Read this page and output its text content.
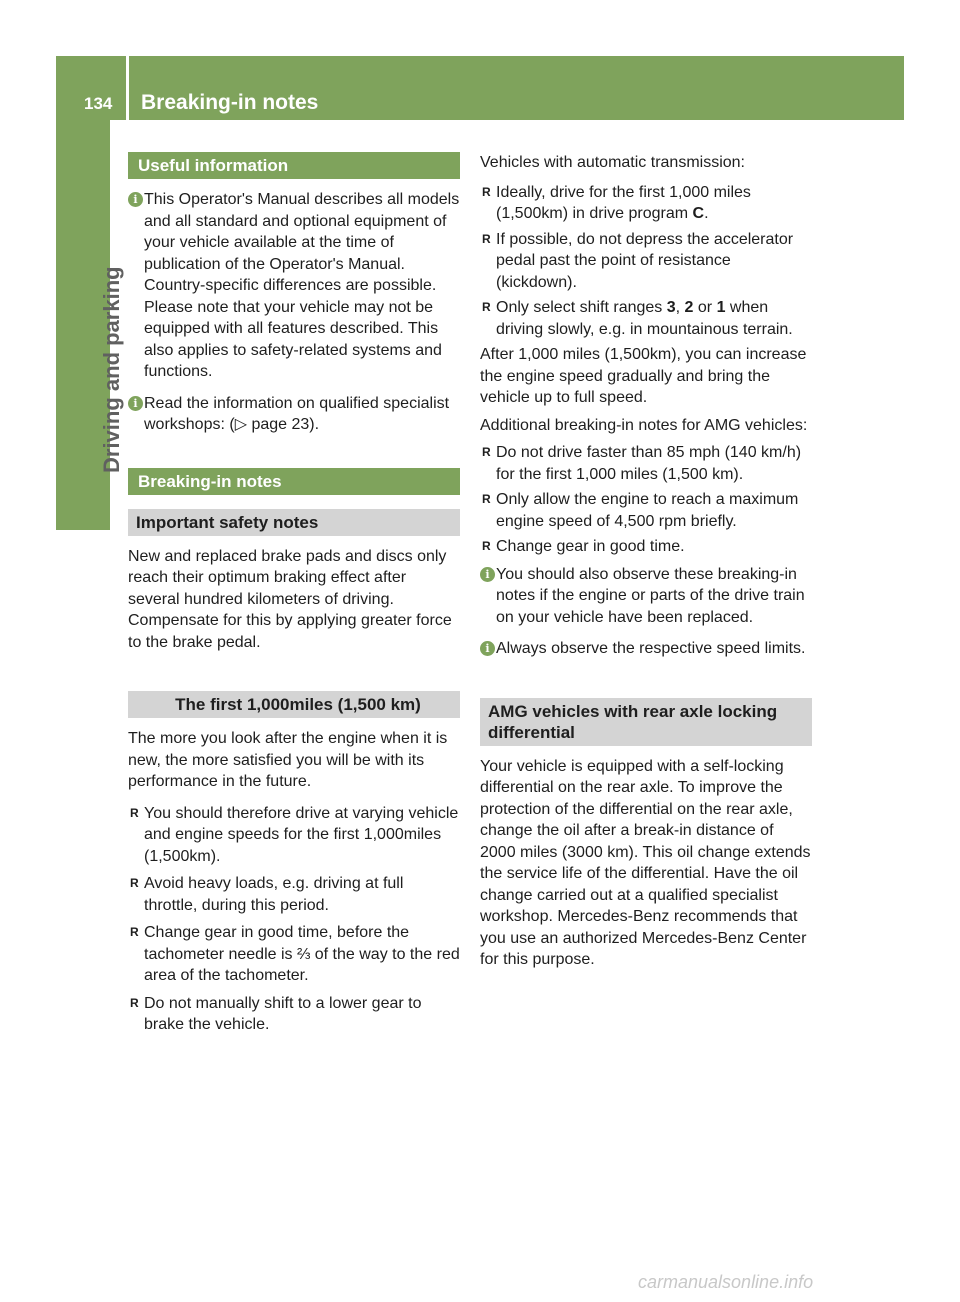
134 Breaking-in notes
Driving and parking
Useful information
i This Operator's Manual describes all models and all standard and optional equipment of your vehicle available at the time of publication of the Operator's Manual. Country-specific differences are possible. Please note that your vehicle may not be equipped with all features described. This also applies to safety-related systems and functions.
i Read the information on qualified specialist workshops: (▷ page 23).
Breaking-in notes
Important safety notes

New and replaced brake pads and discs only reach their optimum braking effect after several hundred kilometers of driving. Compensate for this by applying greater force to the brake pedal.

The first 1,000miles (1,500 km)

The more you look after the engine when it is new, the more satisfied you will be with its performance in the future.

R You should therefore drive at varying vehicle and engine speeds for the first 1,000miles (1,500km).
R Avoid heavy loads, e.g. driving at full throttle, during this period.
R Change gear in good time, before the tachometer needle is ⅔ of the way to the red area of the tachometer.
R Do not manually shift to a lower gear to brake the vehicle.

Vehicles with automatic transmission:

R Ideally, drive for the first 1,000 miles (1,500km) in drive program C.
R If possible, do not depress the accelerator pedal past the point of resistance (kickdown).
R Only select shift ranges 3, 2 or 1 when driving slowly, e.g. in mountainous terrain.

After 1,000 miles (1,500km), you can increase the engine speed gradually and bring the vehicle up to full speed.

Additional breaking-in notes for AMG vehicles:

R Do not drive faster than 85 mph (140 km/h) for the first 1,000 miles (1,500 km).
R Only allow the engine to reach a maximum engine speed of 4,500 rpm briefly.
R Change gear in good time.
i You should also observe these breaking-in notes if the engine or parts of the drive train on your vehicle have been replaced.
i Always observe the respective speed limits.
AMG vehicles with rear axle locking differential

Your vehicle is equipped with a self-locking differential on the rear axle. To improve the protection of the differential on the rear axle, change the oil after a break-in distance of 2000 miles (3000 km). This oil change extends the service life of the differential. Have the oil change carried out at a qualified specialist workshop. Mercedes-Benz recommends that you use an authorized Mercedes-Benz Center for this purpose.

carmanualsonline.info
